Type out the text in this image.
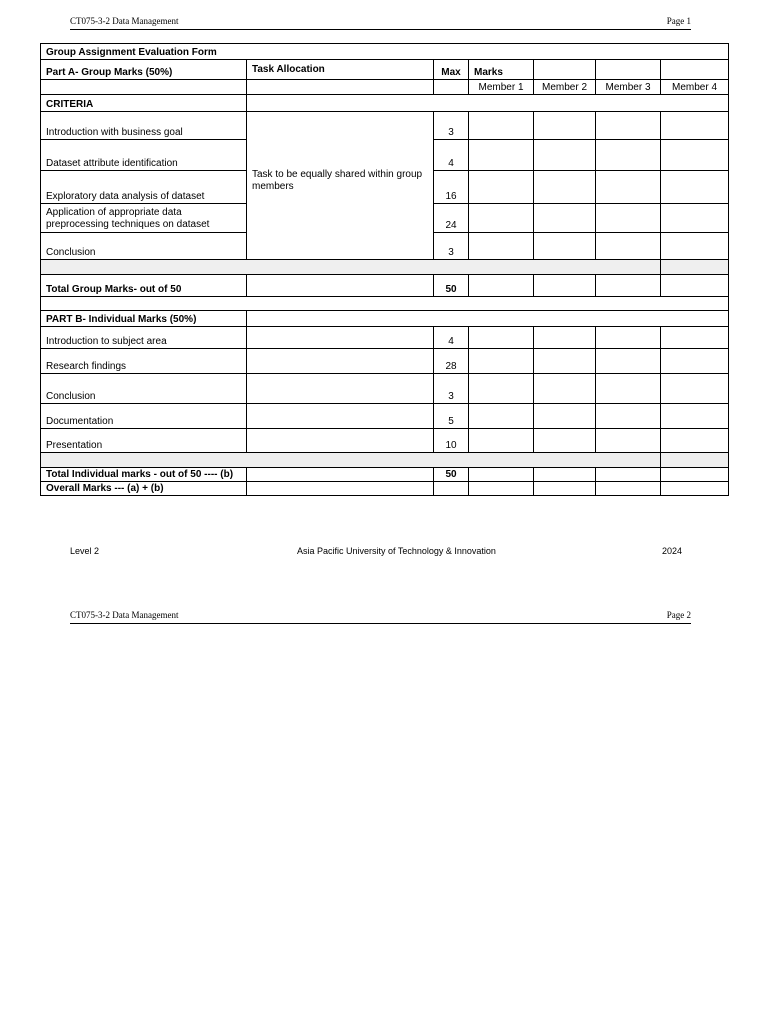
CT075-3-2 Data Management	Page 1
Group Assignment Evaluation Form						
Part A- Group Marks (50%)	Task Allocation	Max	Marks			
			Member 1	Member 2	Member 3	Member 4
CRITERIA						
Introduction with business goal	Task to be equally shared within group members	3				
Dataset attribute identification		4				
Exploratory data analysis of dataset		16				
Application of appropriate data preprocessing techniques on dataset		24				
Conclusion		3				

Total Group Marks- out of 50		50				

PART B- Individual Marks (50%)						
Introduction to subject area		4				
Research findings		28				
Conclusion		3				
Documentation		5				
Presentation		10				

Total Individual marks - out of 50 ---- (b)		50				
Overall Marks --- (a) + (b)						
Level 2	Asia Pacific University of Technology & Innovation	2024
CT075-3-2 Data Management	Page 2
